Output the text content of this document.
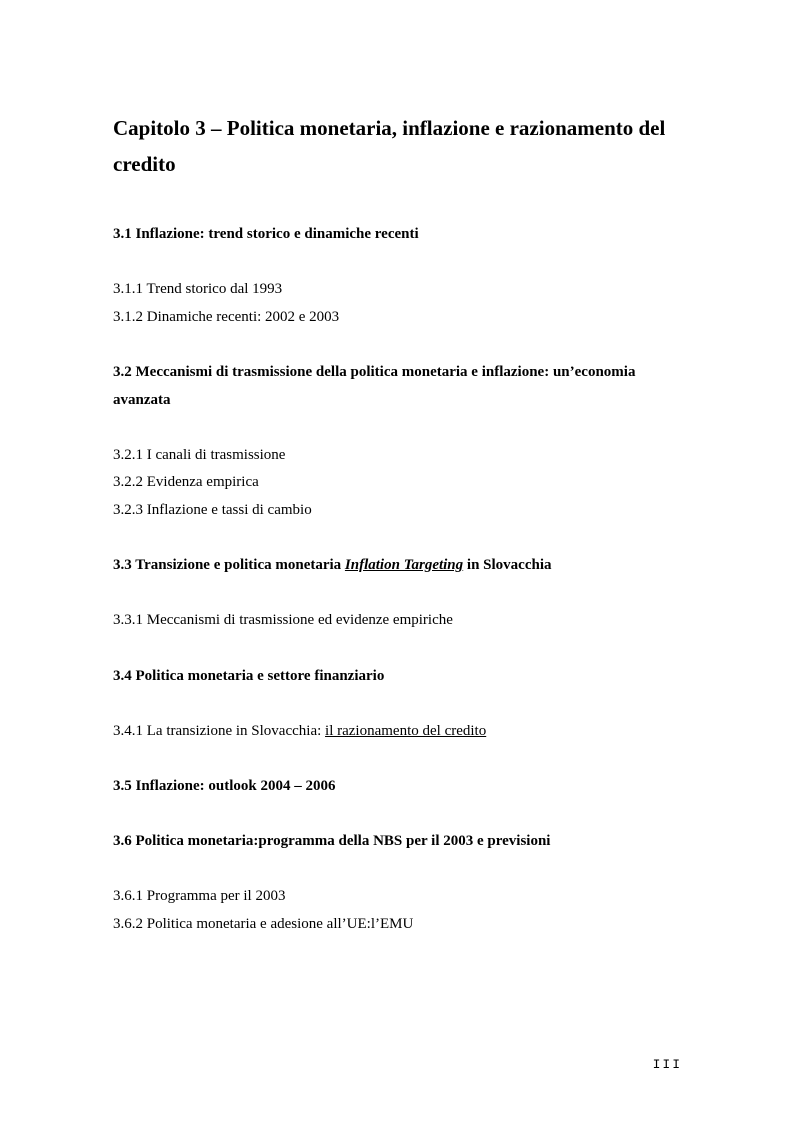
Capitolo 3 – Politica monetaria, inflazione e razionamento del credito

3.1 Inflazione: trend storico e dinamiche recenti

3.1.1 Trend storico dal 1993

3.1.2 Dinamiche recenti: 2002 e 2003

3.2 Meccanismi di trasmissione della politica monetaria e inflazione: un’economia avanzata

3.2.1 I canali di trasmissione

3.2.2 Evidenza empirica

3.2.3 Inflazione e tassi di cambio

3.3 Transizione e politica monetaria Inflation Targeting in Slovacchia

3.3.1 Meccanismi di trasmissione ed evidenze empiriche

3.4 Politica monetaria e settore finanziario

3.4.1 La transizione in Slovacchia: il razionamento del credito

3.5 Inflazione: outlook 2004 – 2006

3.6 Politica monetaria:programma della NBS per il 2003 e previsioni

3.6.1 Programma per il 2003

3.6.2 Politica monetaria e adesione all’UE:l’EMU

III
